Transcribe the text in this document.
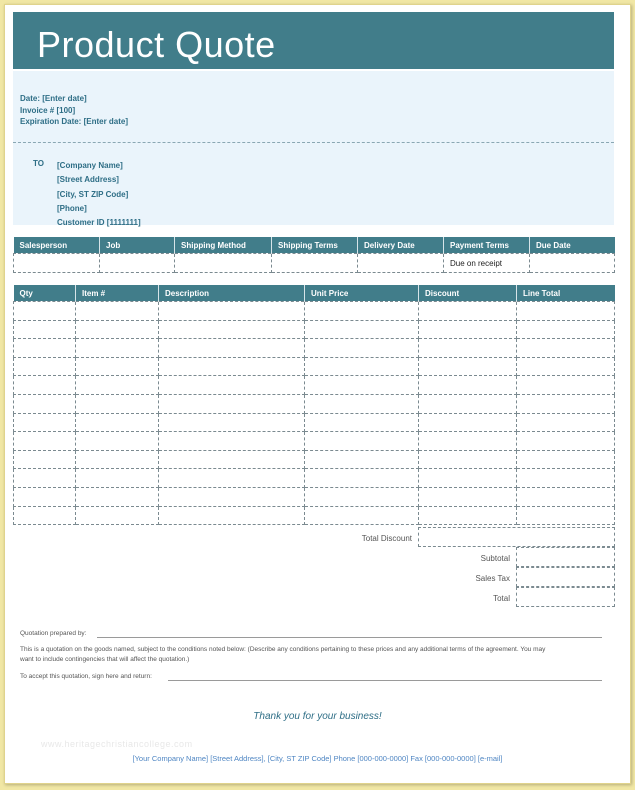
Product Quote
Date: [Enter date]
Invoice # [100]
Expiration Date: [Enter date]
TO [Company Name]
[Street Address]
[City, ST ZIP Code]
[Phone]
Customer ID [1111111]
Salesperson	Job	Shipping Method	Shipping Terms	Delivery Date	Payment Terms	Due Date
					Due on receipt	
Qty	Item #	Description	Unit Price	Discount	Line Total

Total Discount
Subtotal
Sales Tax
Total
Quotation prepared by:
This is a quotation on the goods named, subject to the conditions noted below: (Describe any conditions pertaining to these prices and any additional terms of the agreement. You may
want to include contingencies that will affect the quotation.)
To accept this quotation, sign here and return:
Thank you for your business!
www.heritagechristiancollege.com
[Your Company Name] [Street Address], [City, ST ZIP Code] Phone [000-000-0000] Fax [000-000-0000] [e-mail]
